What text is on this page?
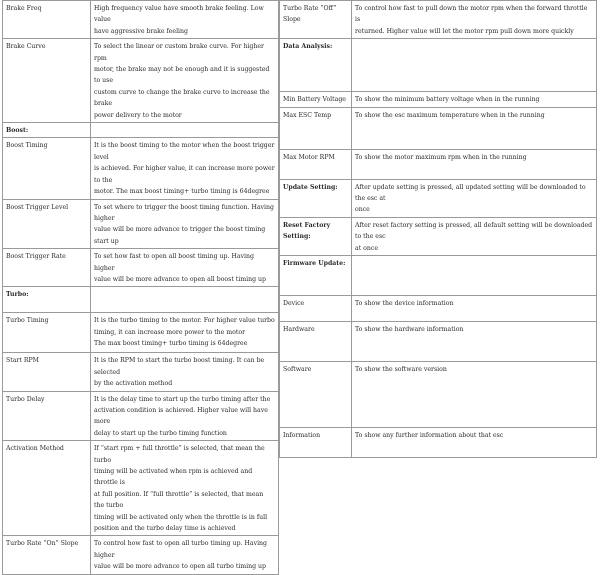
Brake Freq	High frequency value have smooth brake feeling. Low value
have aggressive brake feeling

Brake Curve	To select the linear or custom brake curve. For higher rpm
motor, the brake may not be enough and it is suggested to use
custom curve to change the brake curve to increase the brake
power delivery to the motor

Boost:	

Boost Timing	It is the boost timing to the motor when the boost trigger level
is achieved. For higher value, it can increase more power to the
motor. The max boost timing+ turbo timing is 64degree

Boost Trigger Level	To set where to trigger the boost timing function. Having higher
value will be more advance to trigger the boost timing start up

Boost Trigger Rate	To set how fast to open all boost timing up. Having higher
value will be more advance to open all boost timing up

Turbo:	

Turbo Timing	It is the turbo timing to the motor. For higher value turbo
timing, it can increase more power to the motor
The max boost timing+ turbo timing is 64degree

Start RPM	It is the RPM to start the turbo boost timing. It can be selected
by the activation method

Turbo Delay	It is the delay time to start up the turbo timing after the
activation condition is achieved. Higher value will have more
delay to start up the turbo timing function

Activation Method	If “start rpm + full throttle” is selected, that mean the turbo
timing will be activated when rpm is achieved and throttle is
at full position. If “full throttle” is selected, that mean the turbo
timing will be activated only when the throttle is in full
position and the turbo delay time is achieved

Turbo Rate “On” Slope	To control how fast to open all turbo timing up. Having higher
value will be more advance to open all turbo timing up
Turbo Rate “Off” Slope	To control how fast to pull down the motor rpm when the forward throttle is
returned. Higher value will let the motor rpm pull down more quickly

Data Analysis:	

Min Battery Voltage	To show the minimum battery voltage when in the running

Max ESC Temp	To show the esc maximum temperature when in the running

Max Motor RPM	To show the motor maximum rpm when in the running

Update Setting:	After update setting is pressed, all updated setting will be downloaded to the esc at
once

Reset Factory Setting:	After reset factory setting is pressed, all default setting will be downloaded to the esc
at once

Firmware Update:	

Device	To show the device information

Hardware	To show the hardware information

Software	To show the software version

Information	To show any further information about that esc
